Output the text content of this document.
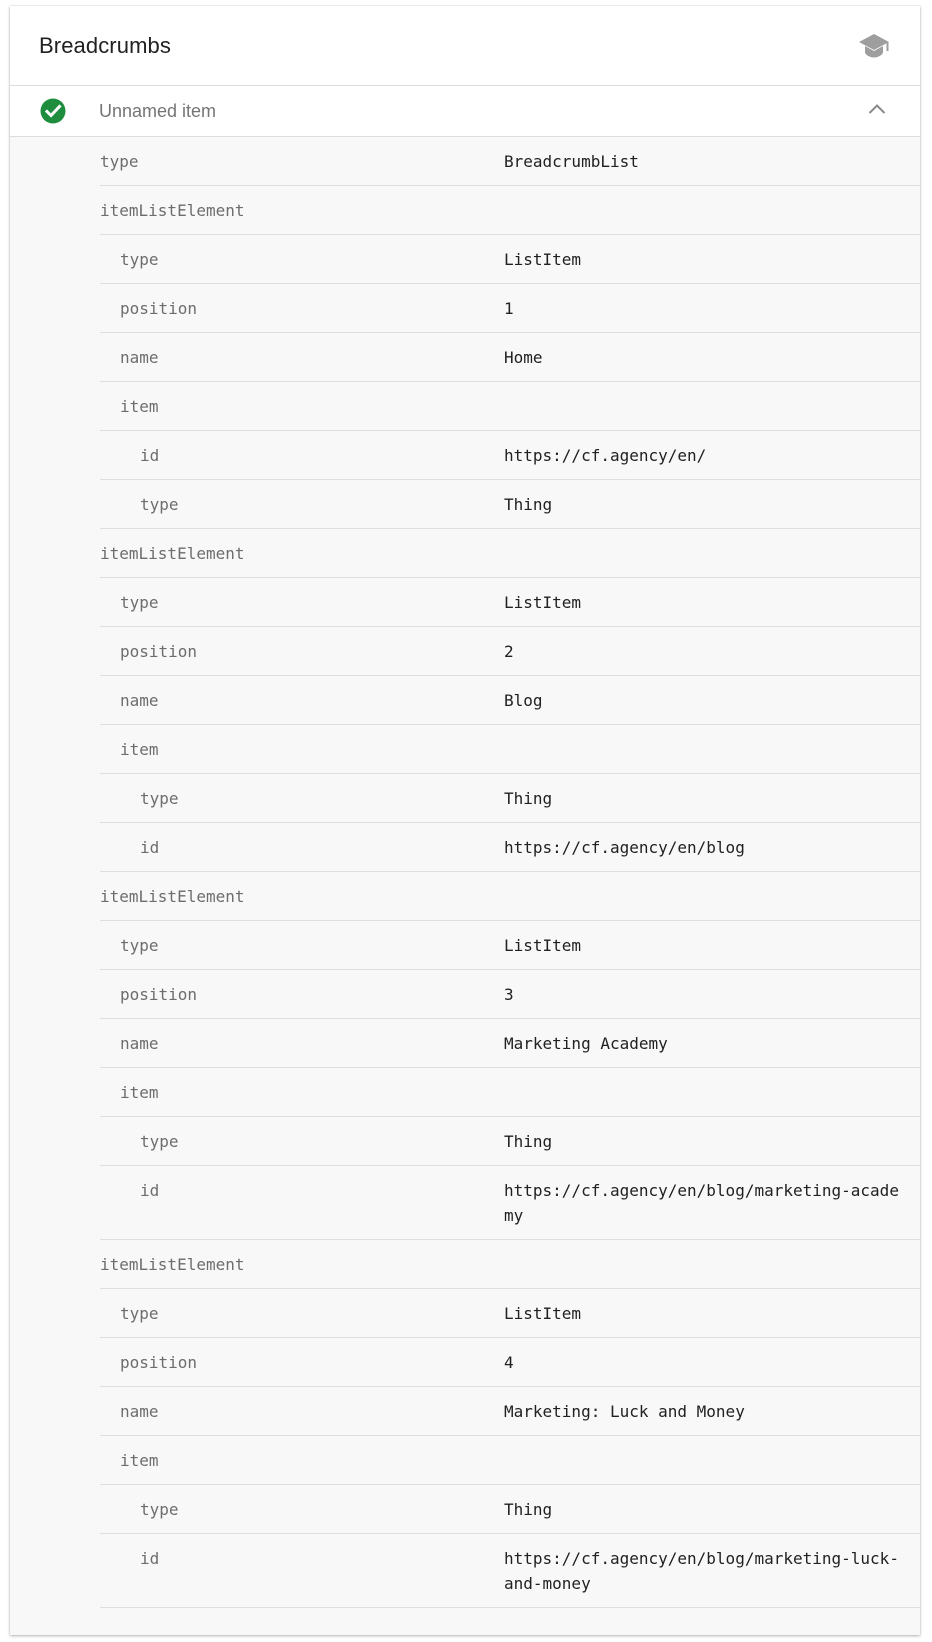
Breadcrumbs
Unnamed item
type	BreadcrumbList
itemListElement
type	ListItem
position	1
name	Home
item
id	https://cf.agency/en/
type	Thing
itemListElement
type	ListItem
position	2
name	Blog
item
type	Thing
id	https://cf.agency/en/blog
itemListElement
type	ListItem
position	3
name	Marketing Academy
item
type	Thing
id	https://cf.agency/en/blog/marketing-academy
itemListElement
type	ListItem
position	4
name	Marketing: Luck and Money
item
type	Thing
id	https://cf.agency/en/blog/marketing-luck-and-money
